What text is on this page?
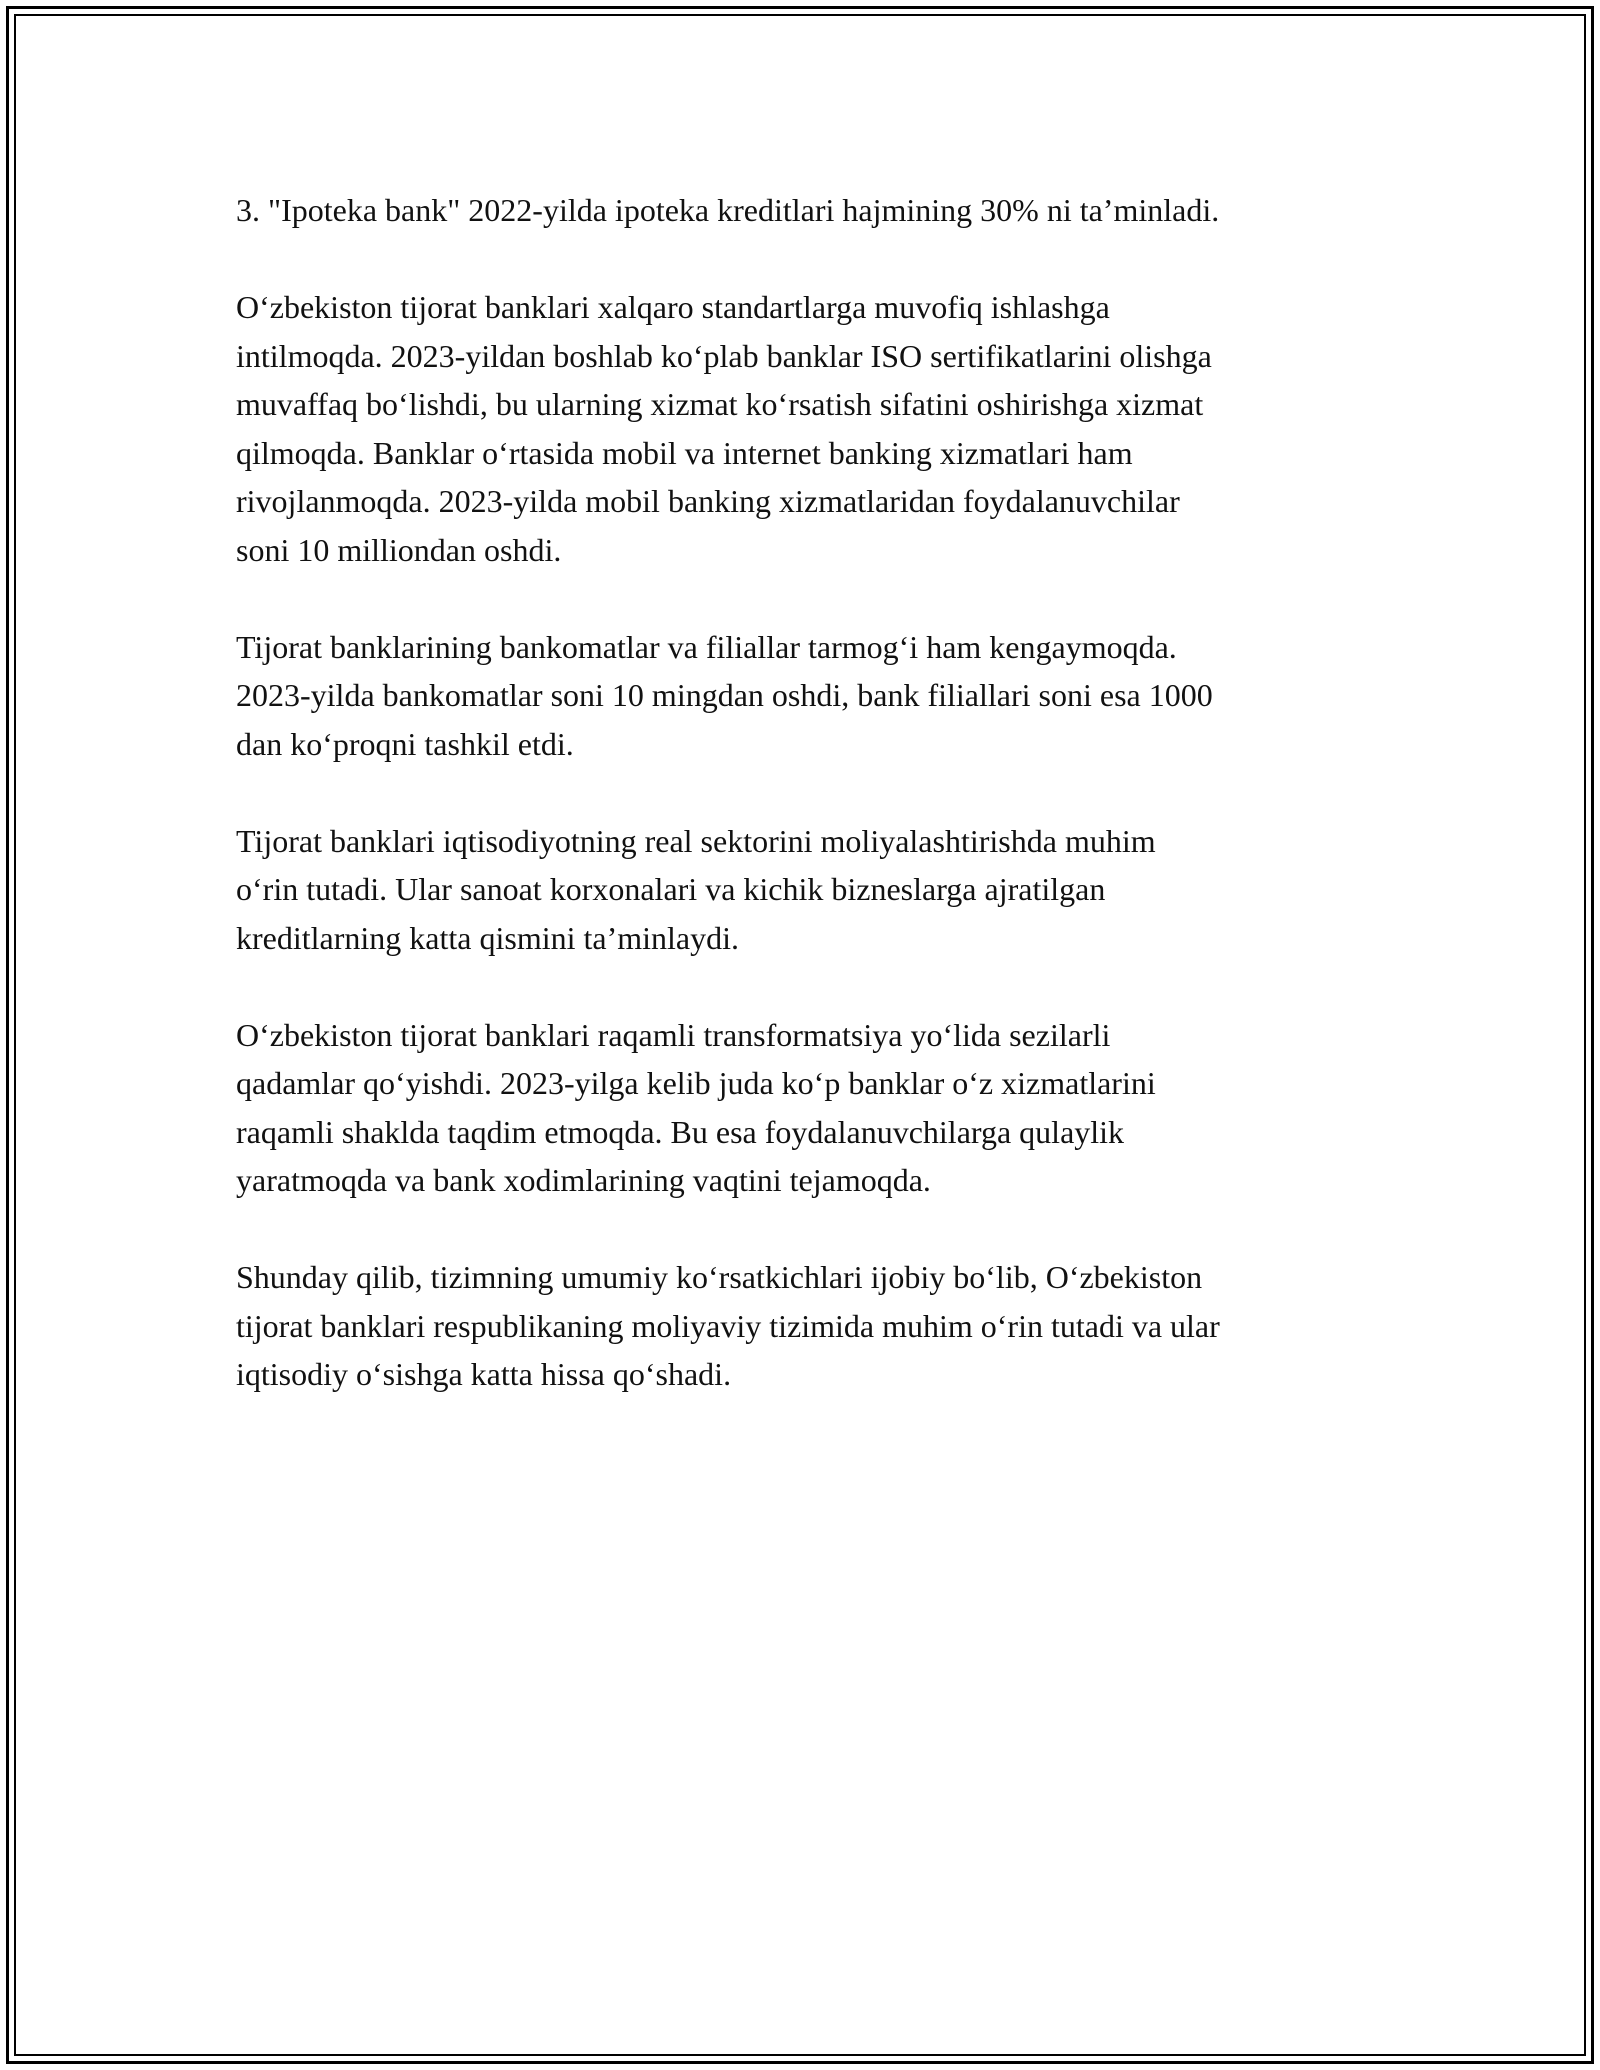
3. "Ipoteka bank" 2022-yilda ipoteka kreditlari hajmining 30% ni ta’minladi.

O‘zbekiston tijorat banklari xalqaro standartlarga muvofiq ishlashga
intilmoqda. 2023-yildan boshlab ko‘plab banklar ISO sertifikatlarini olishga
muvaffaq bo‘lishdi, bu ularning xizmat ko‘rsatish sifatini oshirishga xizmat
qilmoqda. Banklar o‘rtasida mobil va internet banking xizmatlari ham
rivojlanmoqda. 2023-yilda mobil banking xizmatlaridan foydalanuvchilar
soni 10 milliondan oshdi.

Tijorat banklarining bankomatlar va filiallar tarmog‘i ham kengaymoqda.
2023-yilda bankomatlar soni 10 mingdan oshdi, bank filiallari soni esa 1000
dan ko‘proqni tashkil etdi.

Tijorat banklari iqtisodiyotning real sektorini moliyalashtirishda muhim
o‘rin tutadi. Ular sanoat korxonalari va kichik bizneslarga ajratilgan
kreditlarning katta qismini ta’minlaydi.

O‘zbekiston tijorat banklari raqamli transformatsiya yo‘lida sezilarli
qadamlar qo‘yishdi. 2023-yilga kelib juda ko‘p banklar o‘z xizmatlarini
raqamli shaklda taqdim etmoqda. Bu esa foydalanuvchilarga qulaylik
yaratmoqda va bank xodimlarining vaqtini tejamoqda.

Shunday qilib, tizimning umumiy ko‘rsatkichlari ijobiy bo‘lib, O‘zbekiston
tijorat banklari respublikaning moliyaviy tizimida muhim o‘rin tutadi va ular
iqtisodiy o‘sishga katta hissa qo‘shadi.
